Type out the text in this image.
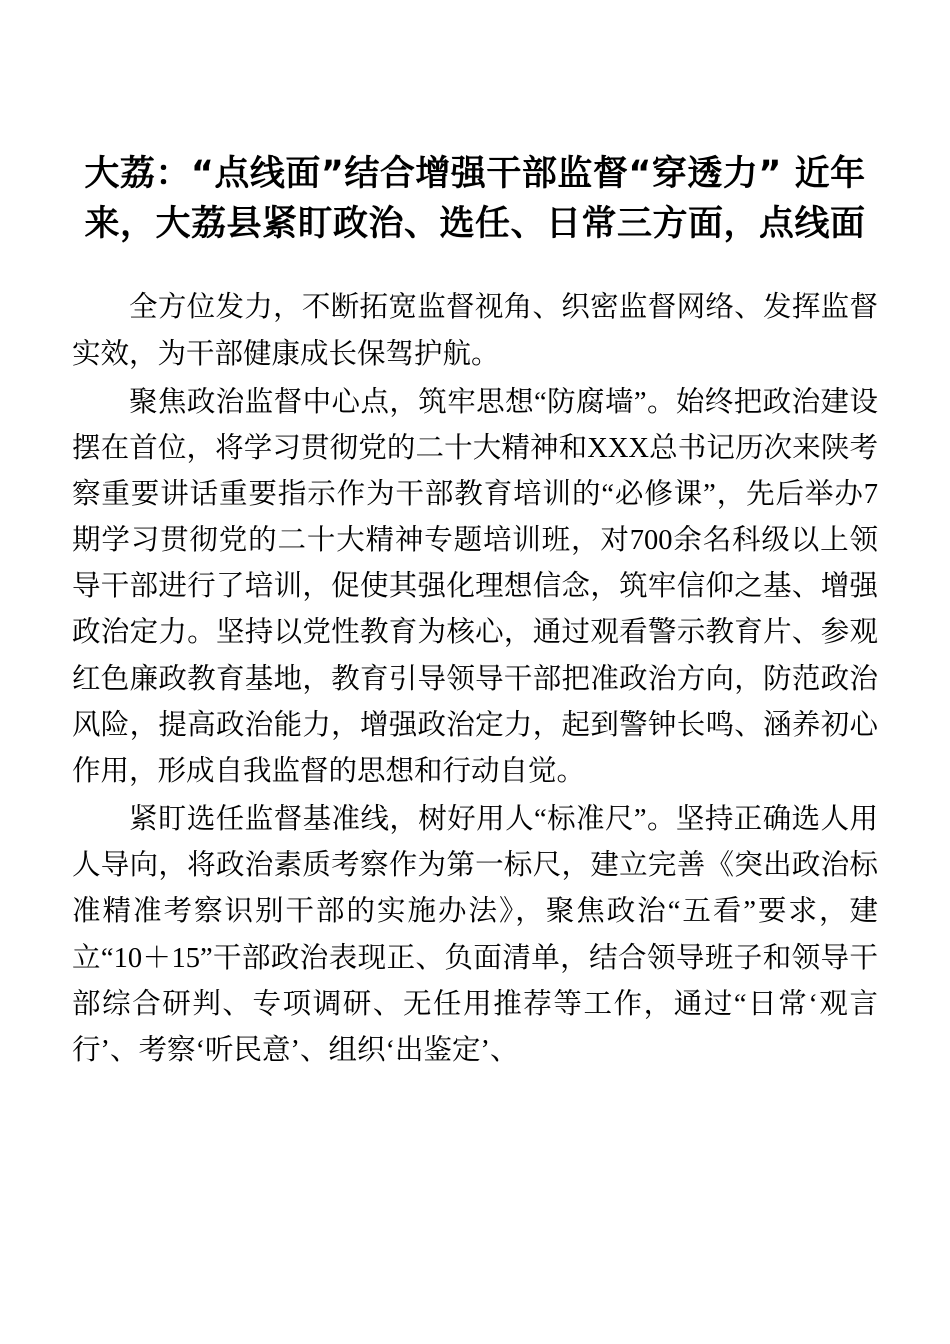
大荔：“点线面”结合增强干部监督“穿透力” 近年来，大荔县紧盯政治、选任、日常三方面，点线面

全方位发力，不断拓宽监督视角、织密监督网络、发挥监督实效，为干部健康成长保驾护航。

聚焦政治监督中心点，筑牢思想“防腐墙”。始终把政治建设摆在首位，将学习贯彻党的二十大精神和XXX总书记历次来陕考察重要讲话重要指示作为干部教育培训的“必修课”，先后举办7期学习贯彻党的二十大精神专题培训班，对700余名科级以上领导干部进行了培训，促使其强化理想信念，筑牢信仰之基、增强政治定力。坚持以党性教育为核心，通过观看警示教育片、参观红色廉政教育基地，教育引导领导干部把准政治方向，防范政治风险，提高政治能力，增强政治定力，起到警钟长鸣、涵养初心作用，形成自我监督的思想和行动自觉。

紧盯选任监督基准线，树好用人“标准尺”。坚持正确选人用人导向，将政治素质考察作为第一标尺，建立完善《突出政治标准精准考察识别干部的实施办法》，聚焦政治“五看”要求，建立“10＋15”干部政治表现正、负面清单，结合领导班子和领导干部综合研判、专项调研、无任用推荐等工作，通过“日常‘观言行’、考察‘听民意’、组织‘出鉴定’、
